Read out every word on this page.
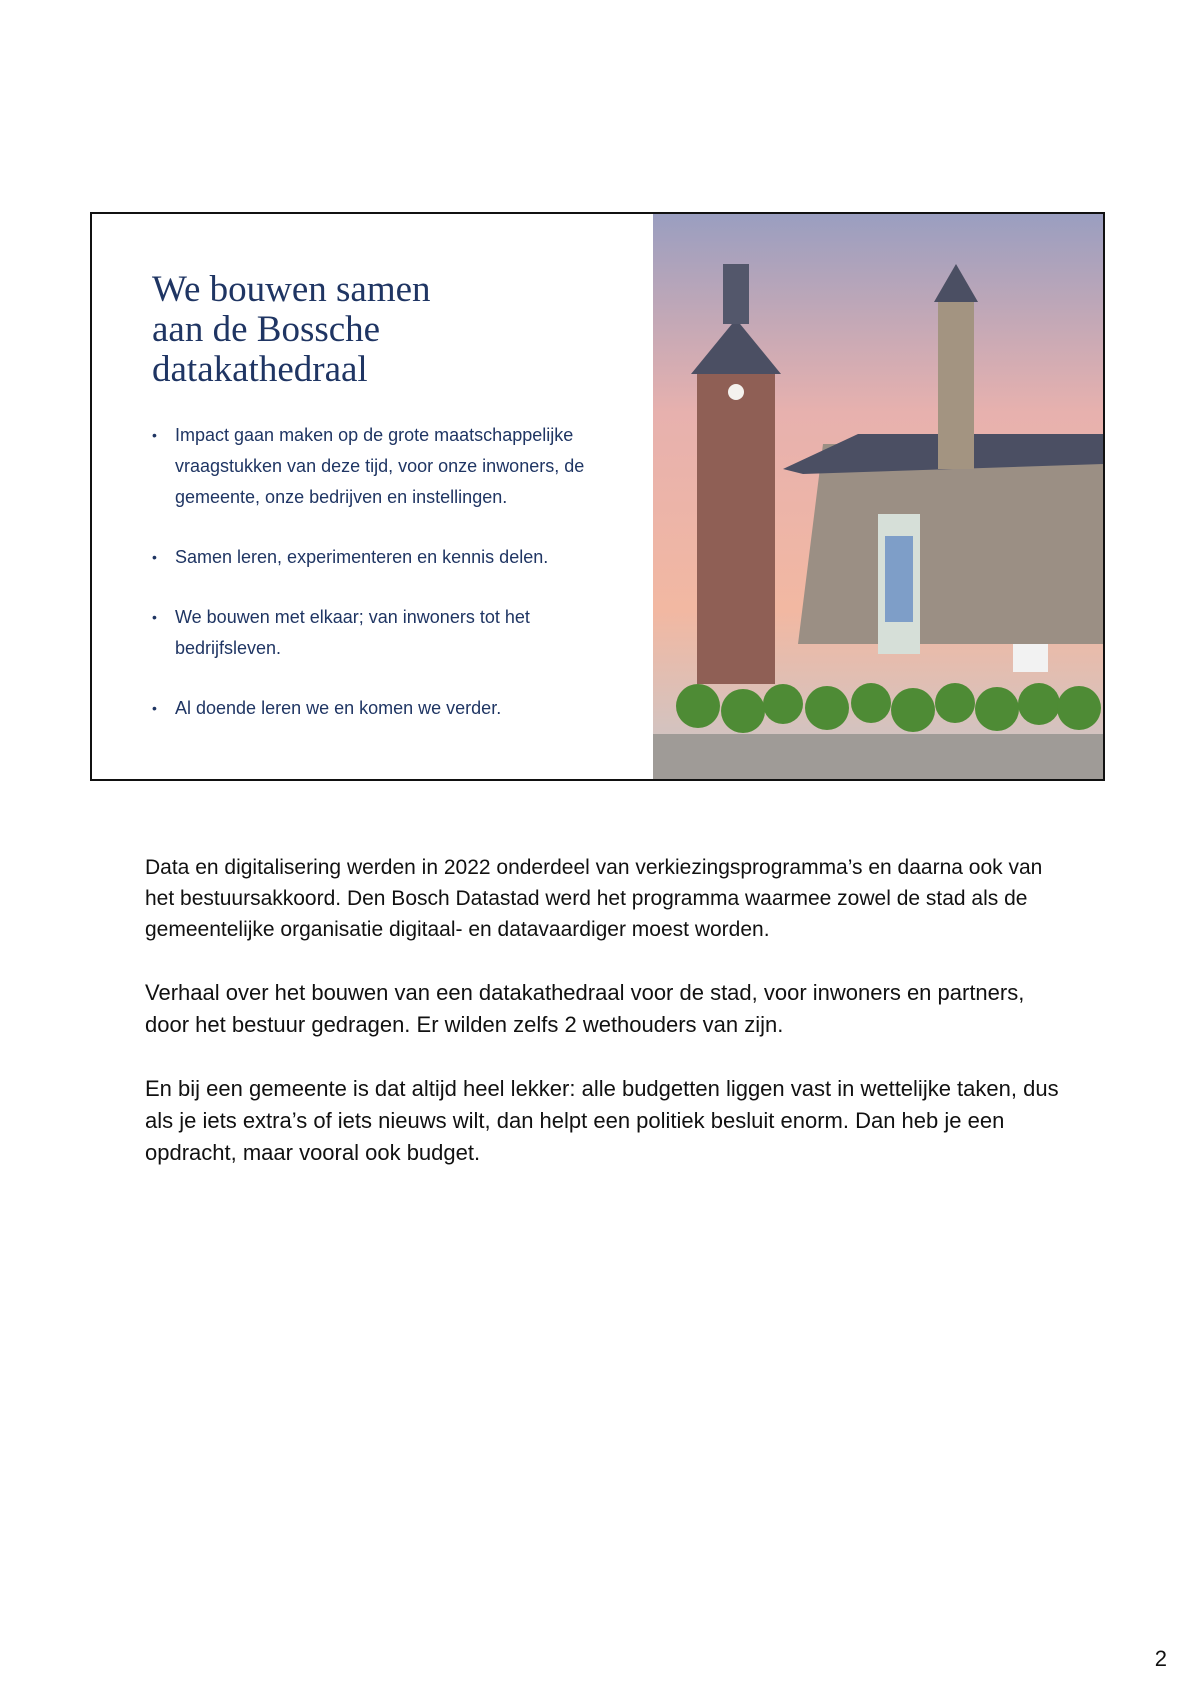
We bouwen samen
aan de Bossche
datakathedraal
• Impact gaan maken op de grote maatschappelijke vraagstukken van deze tijd, voor onze inwoners, de gemeente, onze bedrijven en instellingen.
• Samen leren, experimenteren en kennis delen.
• We bouwen met elkaar; van inwoners tot het bedrijfsleven.
• Al doende leren we en komen we verder.

Data en digitalisering werden in 2022 onderdeel van verkiezingsprogramma’s en daarna ook van het bestuursakkoord. Den Bosch Datastad werd het programma waarmee zowel de stad als de gemeentelijke organisatie digitaal- en datavaardiger moest worden.

Verhaal over het bouwen van een datakathedraal voor de stad, voor inwoners en partners, door het bestuur gedragen. Er wilden zelfs 2 wethouders van zijn.

En bij een gemeente is dat altijd heel lekker: alle budgetten liggen vast in wettelijke taken, dus als je iets extra’s of iets nieuws wilt, dan helpt een politiek besluit enorm. Dan heb je een opdracht, maar vooral ook budget.

2
